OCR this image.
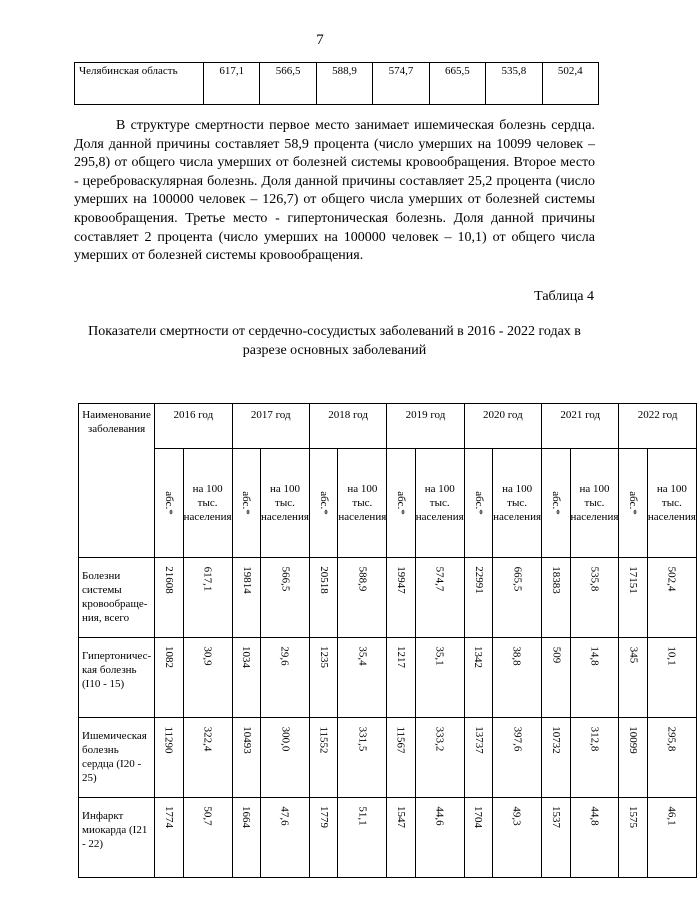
7
Челябинская область	617,1	566,5	588,9	574,7	665,5	535,8	502,4

В структуре смертности первое место занимает ишемическая болезнь сердца. Доля данной причины составляет 58,9 процента (число умерших на 10099 человек – 295,8) от общего числа умерших от болезней системы кровообращения. Второе место - цереброваскулярная болезнь. Доля данной причины составляет 25,2 процента (число умерших на 100000 человек – 126,7) от общего числа умерших от болезней системы кровообращения. Третье место - гипертоническая болезнь. Доля данной причины составляет 2 процента (число умерших на 100000 человек – 10,1) от общего числа умерших от болезней системы кровообращения.

Таблица 4
Показатели смертности от сердечно-сосудистых заболеваний в 2016 - 2022 годах в разрезе основных заболеваний
Наименование заболевания	2016 год		2017 год		2018 год		2019 год		2020 год		2021 год		2022 год	
	абс.*	на 100 тыс. населения	абс.*	на 100 тыс. населения	абс.*	на 100 тыс. населения	абс.*	на 100 тыс. населения	абс.*	на 100 тыс. населения	абс.*	на 100 тыс. населения	абс.*	на 100 тыс. населения
Болезни системы кровообращения, всего	21608	617,1	19814	566,5	20518	588,9	19947	574,7	22991	665,5	18383	535,8	17151	502,4
Гипертоническая болезнь (I10 - 15)	1082	30,9	1034	29,6	1235	35,4	1217	35,1	1342	38,8	509	14,8	345	10,1
Ишемическая болезнь сердца (I20 - 25)	11290	322,4	10493	300,0	11552	331,5	11567	333,2	13737	397,6	10732	312,8	10099	295,8
Инфаркт миокарда (I21 - 22)	1774	50,7	1664	47,6	1779	51,1	1547	44,6	1704	49,3	1537	44,8	1575	46,1
